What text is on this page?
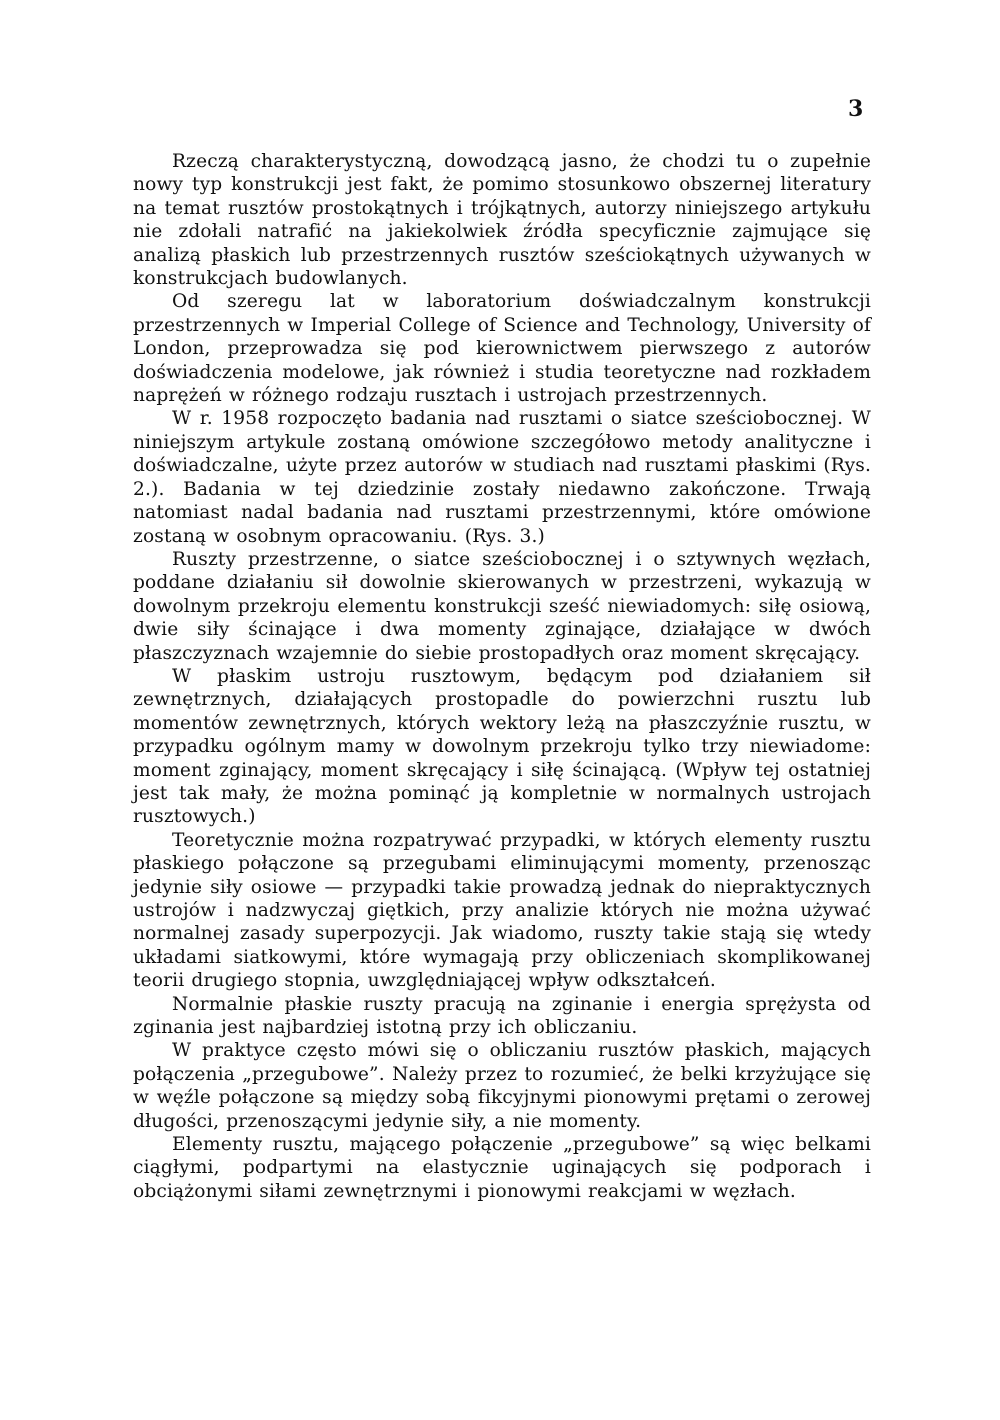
3

Rzeczą charakterystyczną, dowodzącą jasno, że chodzi tu o zupełnie nowy typ konstrukcji jest fakt, że pomimo stosunkowo obszernej literatury na temat rusztów prostokątnych i trójkątnych, autorzy niniejszego artykułu nie zdołali natrafić na jakiekolwiek źródła specyficznie zajmujące się analizą płaskich lub przestrzennych rusztów sześciokątnych używanych w konstrukcjach budowlanych.

Od szeregu lat w laboratorium doświadczalnym konstrukcji przestrzennych w Imperial College of Science and Technology, University of London, przeprowadza się pod kierownictwem pierwszego z autorów doświadczenia modelowe, jak również i studia teoretyczne nad rozkładem naprężeń w różnego rodzaju rusztach i ustrojach przestrzennych.

W r. 1958 rozpoczęto badania nad rusztami o siatce sześciobocznej. W niniejszym artykule zostaną omówione szczegółowo metody analityczne i doświadczalne, użyte przez autorów w studiach nad rusztami płaskimi (Rys. 2.). Badania w tej dziedzinie zostały niedawno zakończone. Trwają natomiast nadal badania nad rusztami przestrzennymi, które omówione zostaną w osobnym opracowaniu. (Rys. 3.)

Ruszty przestrzenne, o siatce sześciobocznej i o sztywnych węzłach, poddane działaniu sił dowolnie skierowanych w przestrzeni, wykazują w dowolnym przekroju elementu konstrukcji sześć niewiadomych: siłę osiową, dwie siły ścinające i dwa momenty zginające, działające w dwóch płaszczyznach wzajemnie do siebie prostopadłych oraz moment skręcający.

W płaskim ustroju rusztowym, będącym pod działaniem sił zewnętrznych, działających prostopadle do powierzchni rusztu lub momentów zewnętrznych, których wektory leżą na płaszczyźnie rusztu, w przypadku ogólnym mamy w dowolnym przekroju tylko trzy niewiadome: moment zginający, moment skręcający i siłę ścinającą. (Wpływ tej ostatniej jest tak mały, że można pominąć ją kompletnie w normalnych ustrojach rusztowych.)

Teoretycznie można rozpatrywać przypadki, w których elementy rusztu płaskiego połączone są przegubami eliminującymi momenty, przenosząc jedynie siły osiowe — przypadki takie prowadzą jednak do niepraktycznych ustrojów i nadzwyczaj giętkich, przy analizie których nie można używać normalnej zasady superpozycji. Jak wiadomo, ruszty takie stają się wtedy układami siatkowymi, które wymagają przy obliczeniach skomplikowanej teorii drugiego stopnia, uwzględniającej wpływ odkształceń.

Normalnie płaskie ruszty pracują na zginanie i energia sprężysta od zginania jest najbardziej istotną przy ich obliczaniu.

W praktyce często mówi się o obliczaniu rusztów płaskich, mających połączenia „przegubowe”. Należy przez to rozumieć, że belki krzyżujące się w węźle połączone są między sobą fikcyjnymi pionowymi prętami o zerowej długości, przenoszącymi jedynie siły, a nie momenty.

Elementy rusztu, mającego połączenie „przegubowe” są więc belkami ciągłymi, podpartymi na elastycznie uginających się podporach i obciążonymi siłami zewnętrznymi i pionowymi reakcjami w węzłach.
